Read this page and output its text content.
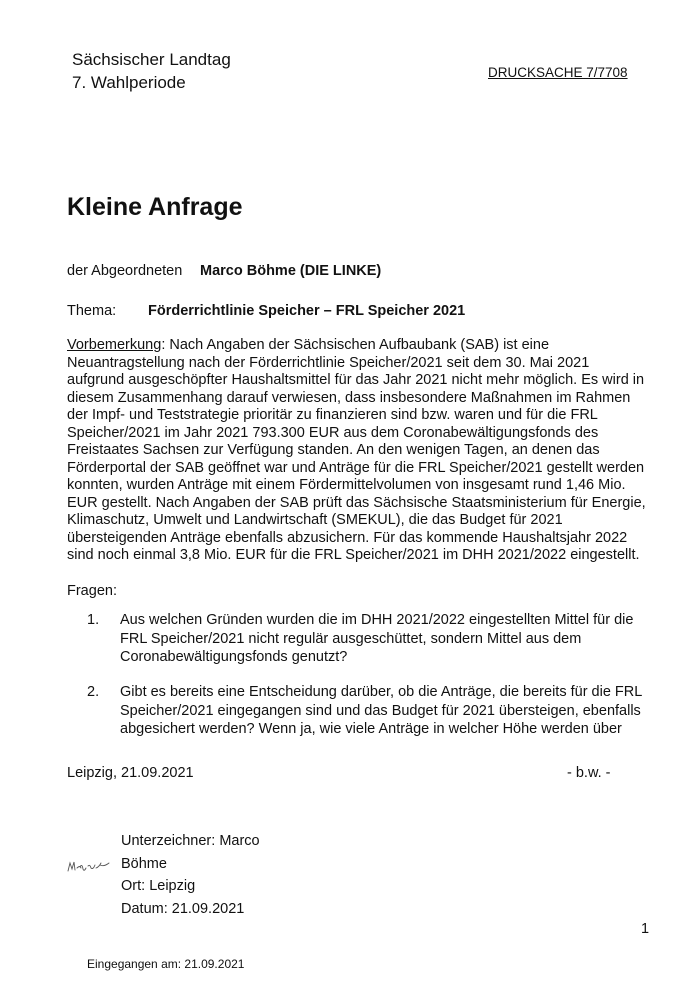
Sächsischer Landtag
7. Wahlperiode
DRUCKSACHE 7/7708
Kleine Anfrage
der Abgeordneten Marco Böhme (DIE LINKE)
Thema: Förderrichtlinie Speicher – FRL Speicher 2021
Vorbemerkung: Nach Angaben der Sächsischen Aufbaubank (SAB) ist eine Neuantragstellung nach der Förderrichtlinie Speicher/2021 seit dem 30. Mai 2021 aufgrund ausgeschöpfter Haushaltsmittel für das Jahr 2021 nicht mehr möglich. Es wird in diesem Zusammenhang darauf verwiesen, dass insbesondere Maßnahmen im Rahmen der Impf- und Teststrategie prioritär zu finanzieren sind bzw. waren und für die FRL Speicher/2021 im Jahr 2021 793.300 EUR aus dem Coronabewältigungsfonds des Freistaates Sachsen zur Verfügung standen. An den wenigen Tagen, an denen das Förderportal der SAB geöffnet war und Anträge für die FRL Speicher/2021 gestellt werden konnten, wurden Anträge mit einem Fördermittelvolumen von insgesamt rund 1,46 Mio. EUR gestellt. Nach Angaben der SAB prüft das Sächsische Staatsministerium für Energie, Klimaschutz, Umwelt und Landwirtschaft (SMEKUL), die das Budget für 2021 übersteigenden Anträge ebenfalls abzusichern. Für das kommende Haushaltsjahr 2022 sind noch einmal 3,8 Mio. EUR für die FRL Speicher/2021 im DHH 2021/2022 eingestellt.
Fragen:
1.	Aus welchen Gründen wurden die im DHH 2021/2022 eingestellten Mittel für die FRL Speicher/2021 nicht regulär ausgeschüttet, sondern Mittel aus dem Coronabewältigungsfonds genutzt?
2.	Gibt es bereits eine Entscheidung darüber, ob die Anträge, die bereits für die FRL Speicher/2021 eingegangen sind und das Budget für 2021 übersteigen, ebenfalls abgesichert werden? Wenn ja, wie viele Anträge in welcher Höhe werden über
Leipzig, 21.09.2021	- b.w. -
Unterzeichner: Marco Böhme
Ort: Leipzig
Datum: 21.09.2021
1
Eingegangen am: 21.09.2021
